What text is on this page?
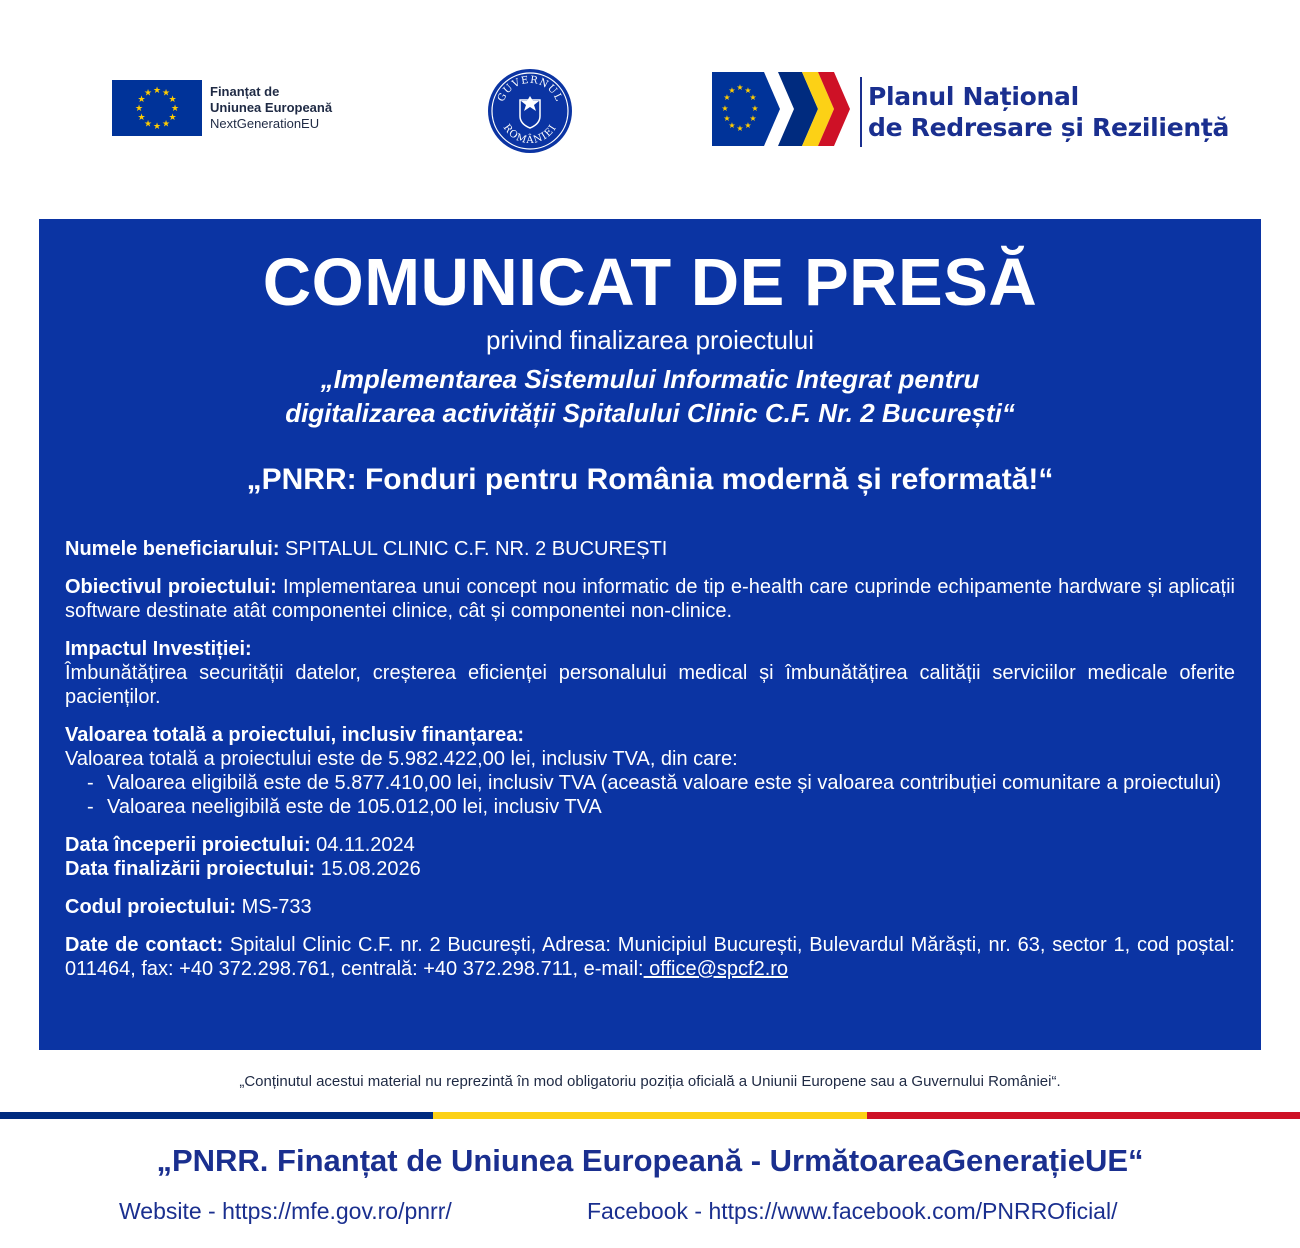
★ ★
★
★
★
★
★
★
★
★
★
★	Finanțat de
Uniunea Europeană
NextGenerationEU
GUVERNUL
ROMÂNIEI
★ ★
★
★
★
★
★
★
★
★
★
★	Planul Național
de Redresare și Reziliență
COMUNICAT DE PRESĂ
privind finalizarea proiectului
„Implementarea Sistemului Informatic Integrat pentru
digitalizarea activității Spitalului Clinic C.F. Nr. 2 București“
„PNRR: Fonduri pentru România modernă și reformată!“

Numele beneficiarului: SPITALUL CLINIC C.F. NR. 2 BUCUREȘTI

Obiectivul proiectului: Implementarea unui concept nou informatic de tip e-health care cuprinde echipamente hardware și aplicații software destinate atât componentei clinice, cât și componentei non-clinice.

Impactul Investiției:
Îmbunătățirea securității datelor, creșterea eficienței personalului medical și îmbunătățirea calității serviciilor medicale oferite pacienților.

Valoarea totală a proiectului, inclusiv finanțarea:
Valoarea totală a proiectului este de 5.982.422,00 lei, inclusiv TVA, din care:
- Valoarea eligibilă este de 5.877.410,00 lei, inclusiv TVA (această valoare este și valoarea contribuției comunitare a proiectului)
- Valoarea neeligibilă este de 105.012,00 lei, inclusiv TVA

Data începerii proiectului: 04.11.2024
Data finalizării proiectului: 15.08.2026

Codul proiectului: MS-733

Date de contact: Spitalul Clinic C.F. nr. 2 București, Adresa: Municipiul București, Bulevardul Mărăști, nr. 63, sector 1, cod poștal: 011464, fax: +40 372.298.761, centrală: +40 372.298.711, e-mail: office@spcf2.ro

„Conținutul acestui material nu reprezintă în mod obligatoriu poziția oficială a Uniunii Europene sau a Guvernului României“.
„PNRR. Finanțat de Uniunea Europeană - UrmătoareaGenerațieUE“
Website - https://mfe.gov.ro/pnrr/	Facebook - https://www.facebook.com/PNRROficial/
